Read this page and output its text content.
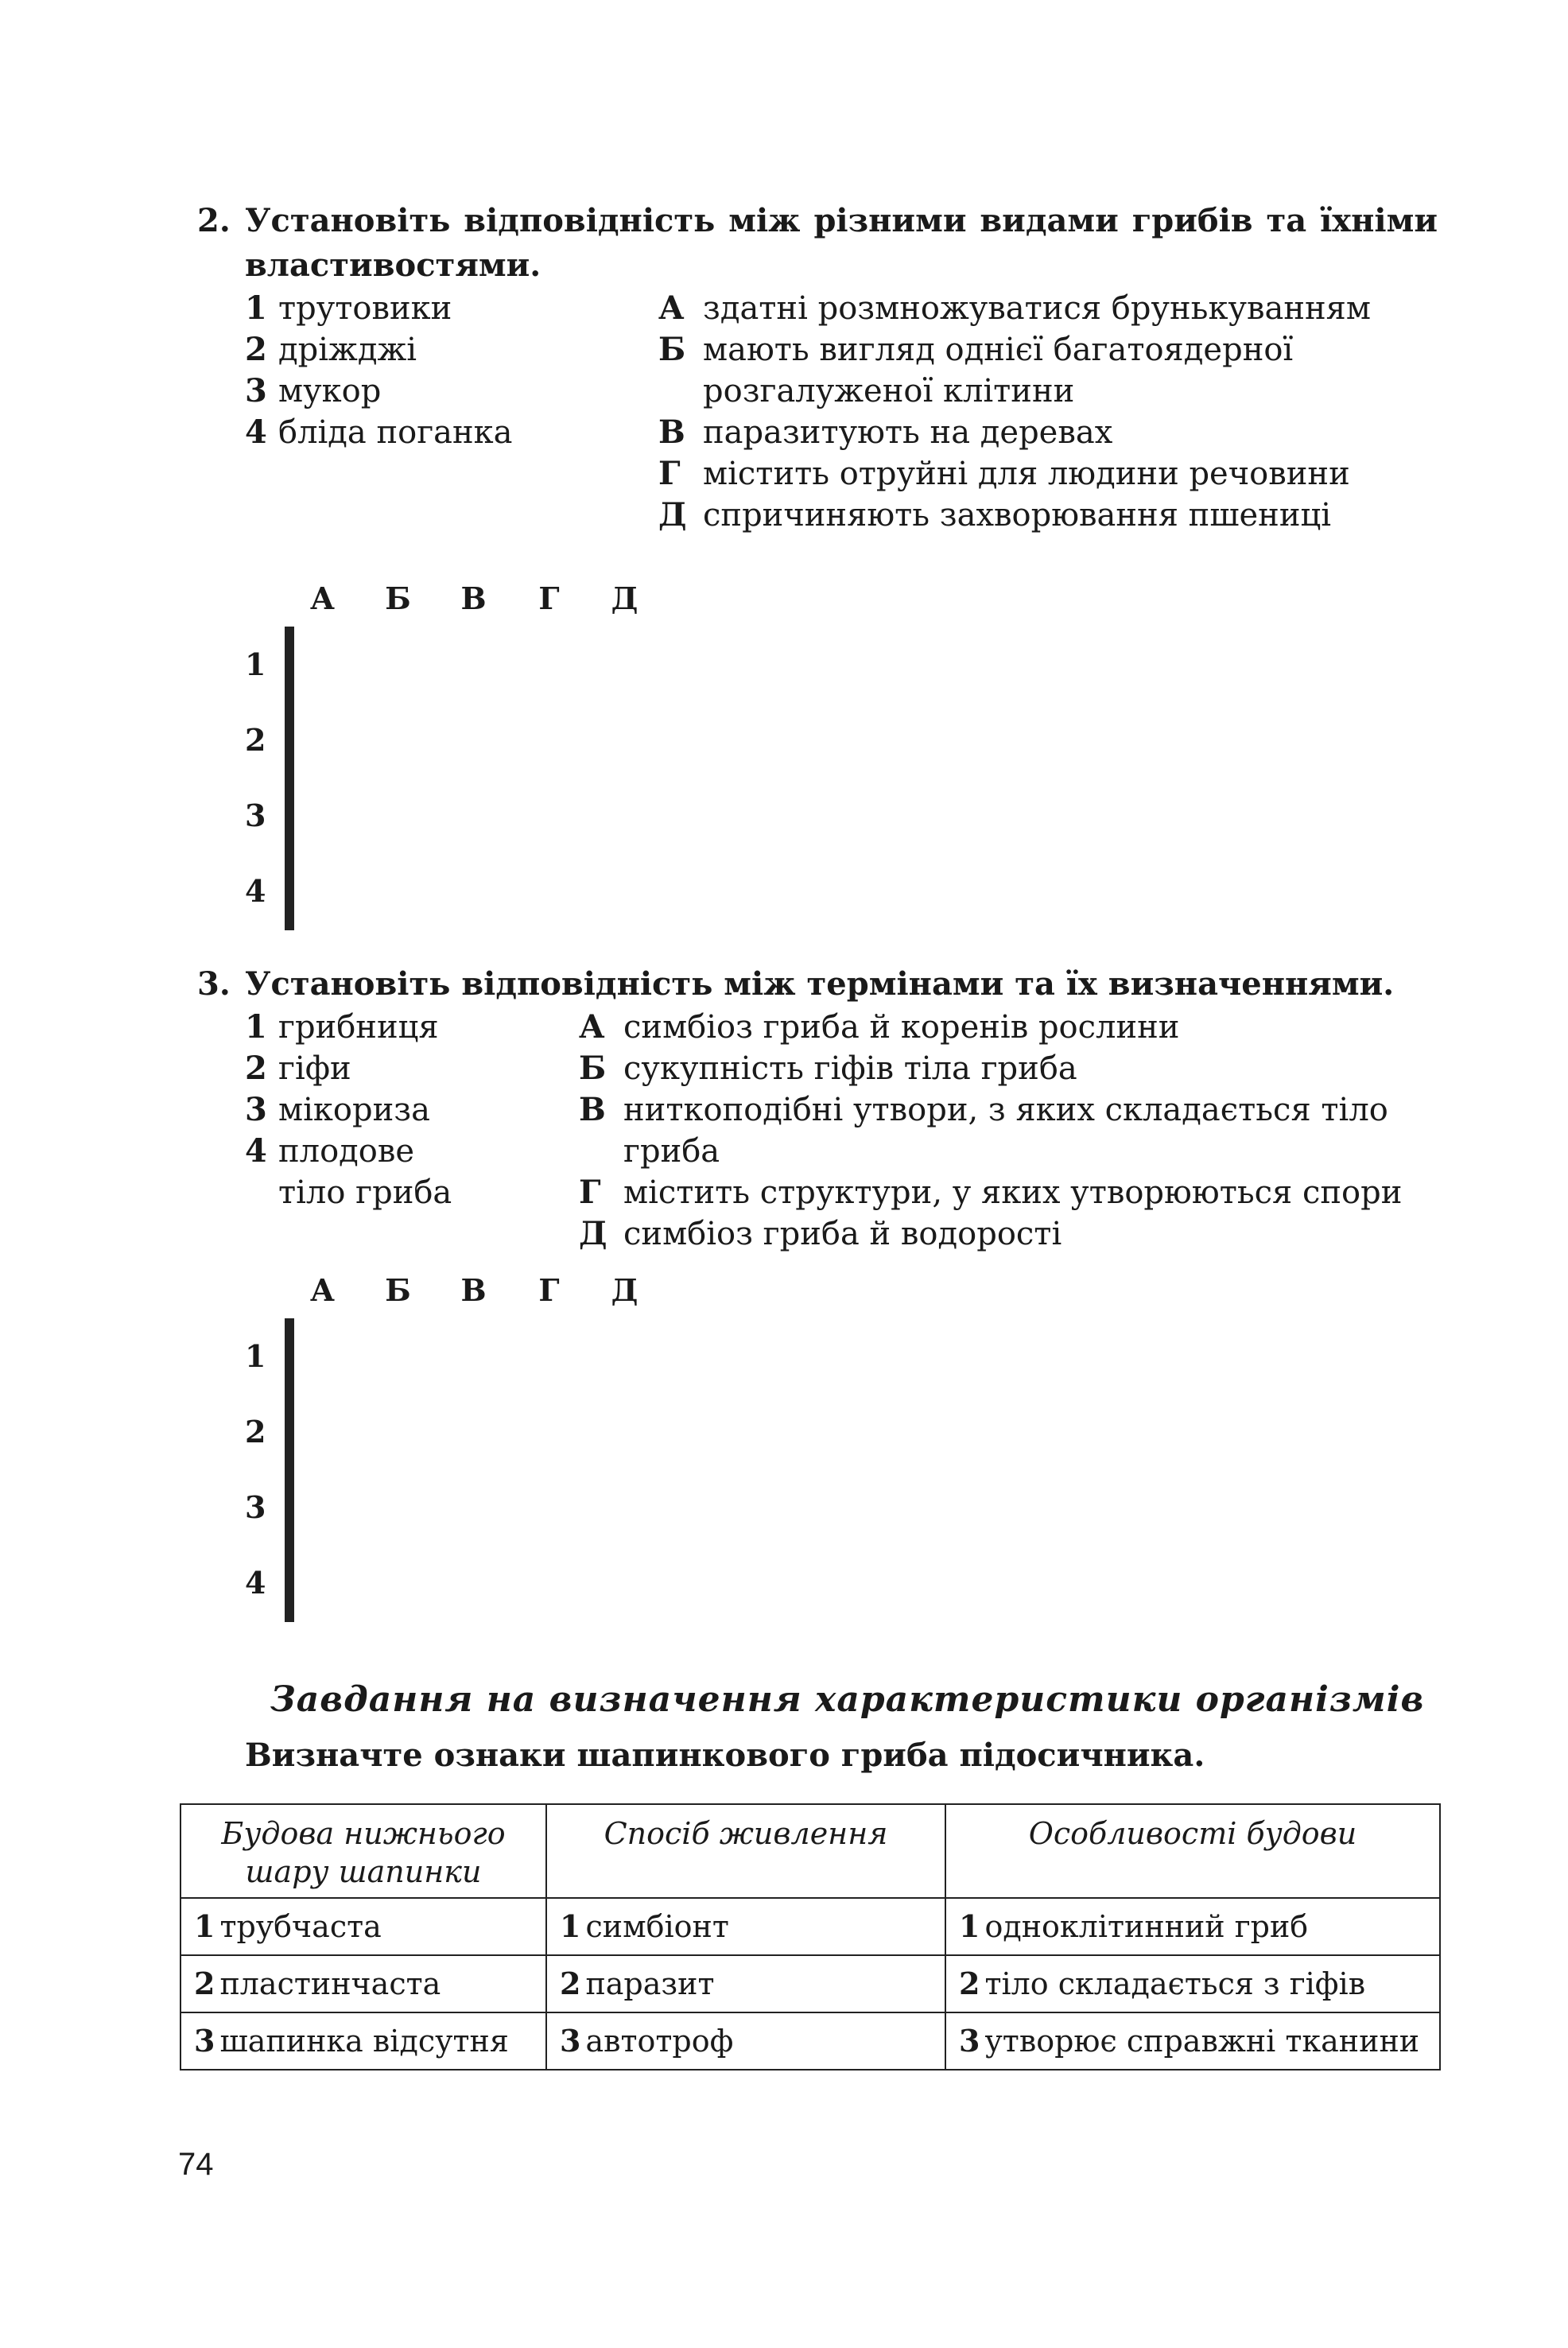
2. Установіть відповідність між різними видами грибів та їхніми властивостями.
1 трутовики
2 дріжджі
3 мукор
4 бліда поганка
А здатні розмножуватися брунькуванням
Б мають вигляд однієї багатоядерної розгалуженої клітини
В паразитують на деревах
Г містить отруйні для людини речовини
Д спричиняють захворювання пшениці
А	Б	В	Г	Д
1
2
3
4

3. Установіть відповідність між термінами та їх визначеннями.
1 грибниця
2 гіфи
3 мікориза
4 плодове тіло гриба
А симбіоз гриба й коренів рослини
Б сукупність гіфів тіла гриба
В ниткоподібні утвори, з яких складається тіло гриба
Г містить структури, у яких утворюються спори
Д симбіоз гриба й водорості
А	Б	В	Г	Д
1
2
3
4

Завдання на визначення характеристики організмів
Визначте ознаки шапинкового гриба підосичника.
Будова нижнього шару шапинки	Спосіб живлення	Особливості будови
1 трубчаста	1 симбіонт	1 одноклітинний гриб
2 пластинчаста	2 паразит	2 тіло складається з гіфів
3 шапинка відсутня	3 автотроф	3 утворює справжні тканини
74
